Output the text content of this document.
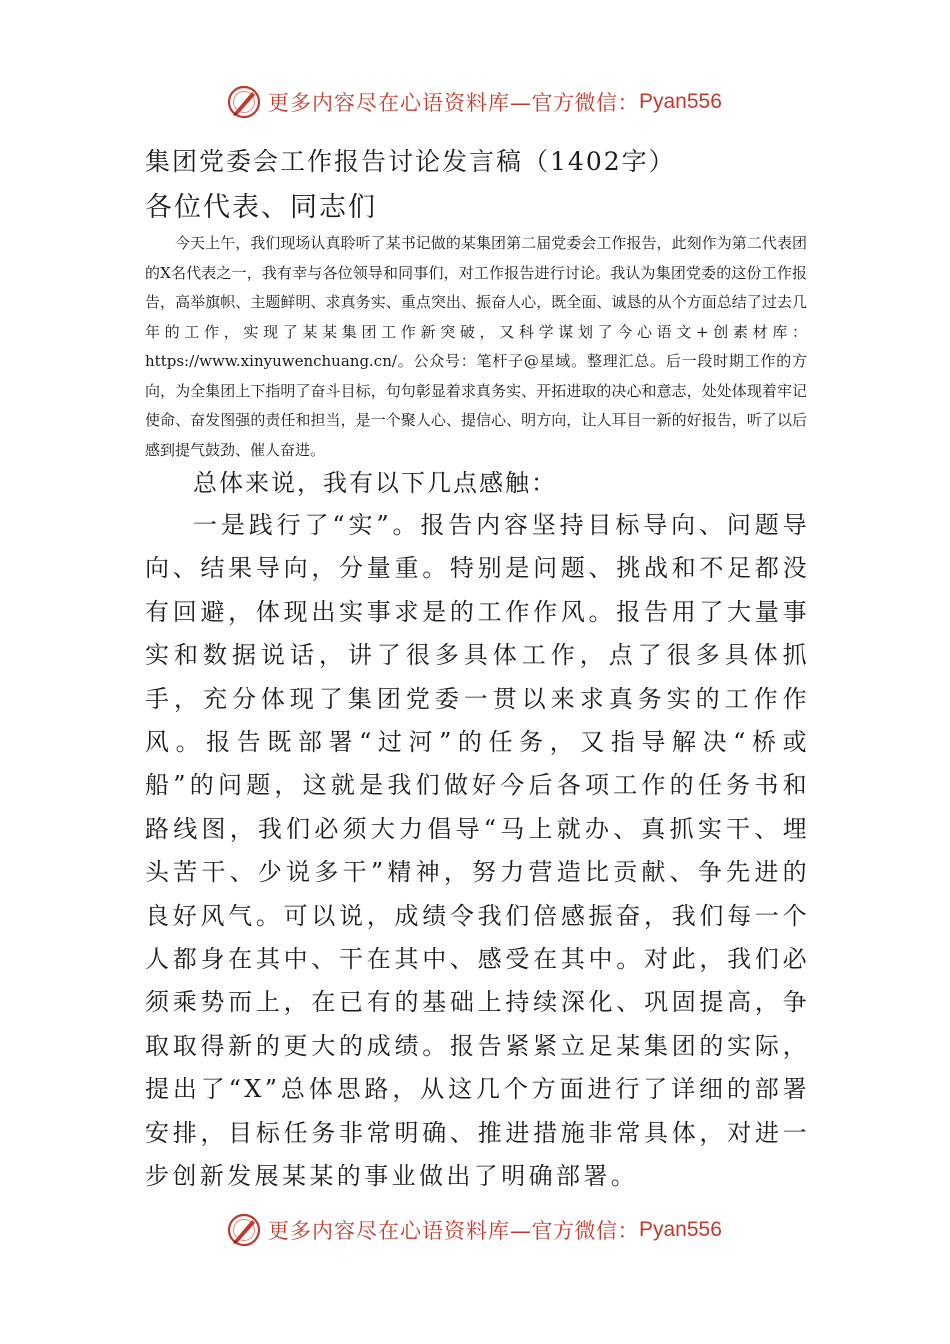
更多内容尽在心语资料库 —官方微信： Pyan556
集团党委会工作报告讨论发言稿（1402字）
各位代表、同志们

今天上午，我们现场认真聆听了某书记做的某集团第二届党委会工作报告，此刻作为第二代表团的X名代表之一，我有幸与各位领导和同事们，对工作报告进行讨论。我认为集团党委的这份工作报告，高举旗帜、主题鲜明、求真务实、重点突出、振奋人心，既全面、诚恳的从个方面总结了过去几年的工作，实现了某某集团工作新突破，又科学谋划了今心语文+创素材库：https://www.xinyuwenchuang.cn/。公众号：笔杆子@星域。整理汇总。后一段时期工作的方向，为全集团上下指明了奋斗目标，句句彰显着求真务实、开拓进取的决心和意志，处处体现着牢记使命、奋发图强的责任和担当，是一个聚人心、提信心、明方向，让人耳目一新的好报告，听了以后感到提气鼓劲、催人奋进。

总体来说，我有以下几点感触：

一是践行了“实”。报告内容坚持目标导向、问题导向、结果导向，分量重。特别是问题、挑战和不足都没有回避，体现出实事求是的工作作风。报告用了大量事实和数据说话，讲了很多具体工作，点了很多具体抓手，充分体现了集团党委一贯以来求真务实的工作作风。报告既部署“过河”的任务，又指导解决“桥或船”的问题，这就是我们做好今后各项工作的任务书和路线图，我们必须大力倡导“马上就办、真抓实干、埋头苦干、少说多干”精神，努力营造比贡献、争先进的良好风气。可以说，成绩令我们倍感振奋，我们每一个人都身在其中、干在其中、感受在其中。对此，我们必须乘势而上，在已有的基础上持续深化、巩固提高，争取取得新的更大的成绩。报告紧紧立足某集团的实际，提出了“X”总体思路，从这几个方面进行了详细的部署安排，目标任务非常明确、推进措施非常具体，对进一步创新发展某某的事业做出了明确部署。

更多内容尽在心语资料库 —官方微信： Pyan556
